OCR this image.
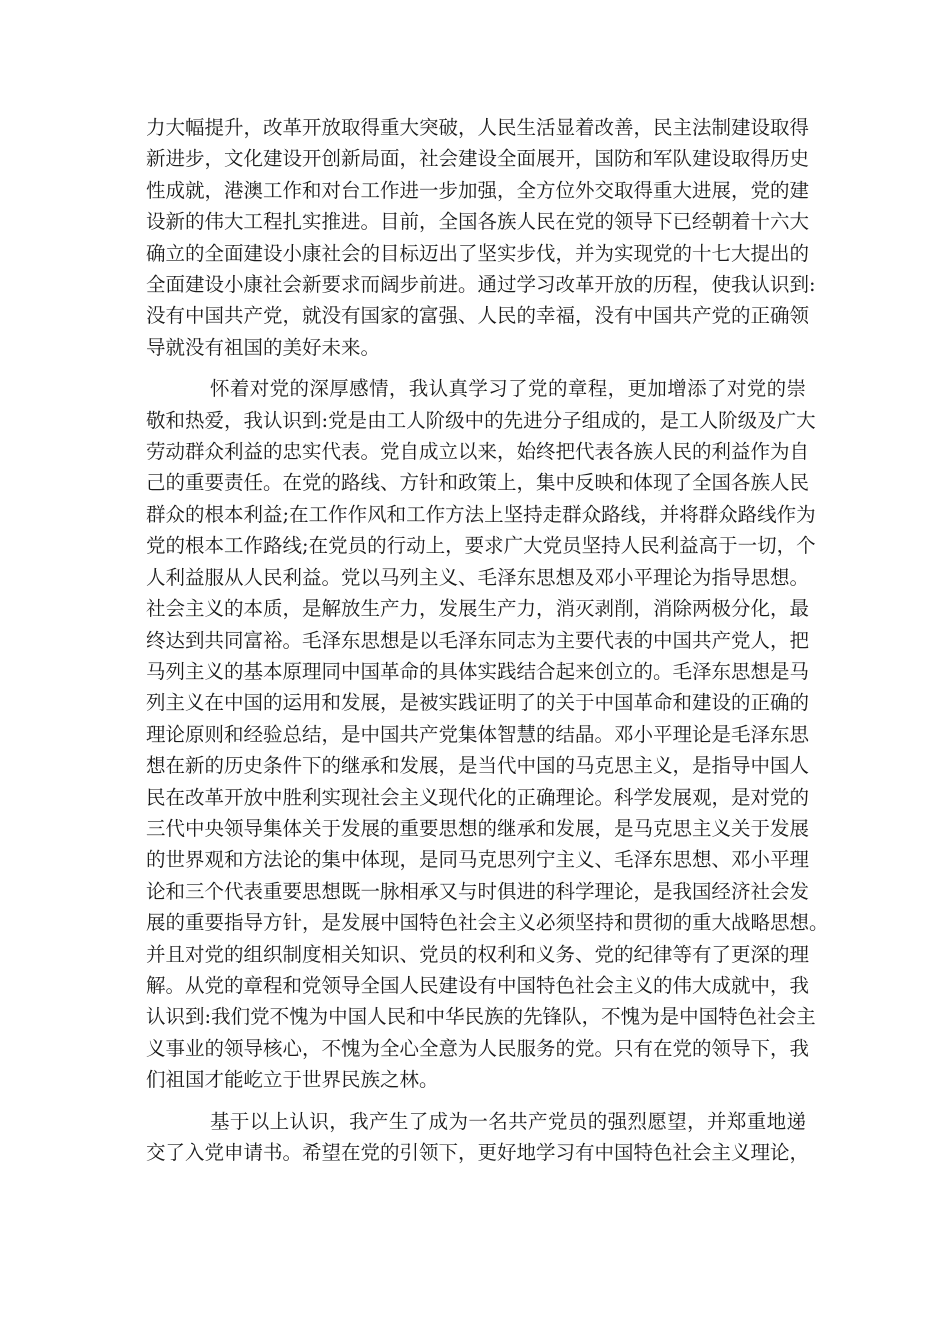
力大幅提升，改革开放取得重大突破，人民生活显着改善，民主法制建设取得
新进步，文化建设开创新局面，社会建设全面展开，国防和军队建设取得历史
性成就，港澳工作和对台工作进一步加强，全方位外交取得重大进展，党的建
设新的伟大工程扎实推进。目前，全国各族人民在党的领导下已经朝着十六大
确立的全面建设小康社会的目标迈出了坚实步伐，并为实现党的十七大提出的
全面建设小康社会新要求而阔步前进。通过学习改革开放的历程，使我认识到:
没有中国共产党，就没有国家的富强、人民的幸福，没有中国共产党的正确领
导就没有祖国的美好未来。
怀着对党的深厚感情，我认真学习了党的章程，更加增添了对党的崇
敬和热爱，我认识到:党是由工人阶级中的先进分子组成的，是工人阶级及广大
劳动群众利益的忠实代表。党自成立以来，始终把代表各族人民的利益作为自
己的重要责任。在党的路线、方针和政策上，集中反映和体现了全国各族人民
群众的根本利益;在工作作风和工作方法上坚持走群众路线，并将群众路线作为
党的根本工作路线;在党员的行动上，要求广大党员坚持人民利益高于一切，个
人利益服从人民利益。党以马列主义、毛泽东思想及邓小平理论为指导思想。
社会主义的本质，是解放生产力，发展生产力，消灭剥削，消除两极分化，最
终达到共同富裕。毛泽东思想是以毛泽东同志为主要代表的中国共产党人，把
马列主义的基本原理同中国革命的具体实践结合起来创立的。毛泽东思想是马
列主义在中国的运用和发展，是被实践证明了的关于中国革命和建设的正确的
理论原则和经验总结，是中国共产党集体智慧的结晶。邓小平理论是毛泽东思
想在新的历史条件下的继承和发展，是当代中国的马克思主义，是指导中国人
民在改革开放中胜利实现社会主义现代化的正确理论。科学发展观，是对党的
三代中央领导集体关于发展的重要思想的继承和发展，是马克思主义关于发展
的世界观和方法论的集中体现，是同马克思列宁主义、毛泽东思想、邓小平理
论和三个代表重要思想既一脉相承又与时俱进的科学理论，是我国经济社会发
展的重要指导方针，是发展中国特色社会主义必须坚持和贯彻的重大战略思想。
并且对党的组织制度相关知识、党员的权利和义务、党的纪律等有了更深的理
解。从党的章程和党领导全国人民建设有中国特色社会主义的伟大成就中，我
认识到:我们党不愧为中国人民和中华民族的先锋队，不愧为是中国特色社会主
义事业的领导核心，不愧为全心全意为人民服务的党。只有在党的领导下，我
们祖国才能屹立于世界民族之林。
基于以上认识，我产生了成为一名共产党员的强烈愿望，并郑重地递
交了入党申请书。希望在党的引领下，更好地学习有中国特色社会主义理论，
